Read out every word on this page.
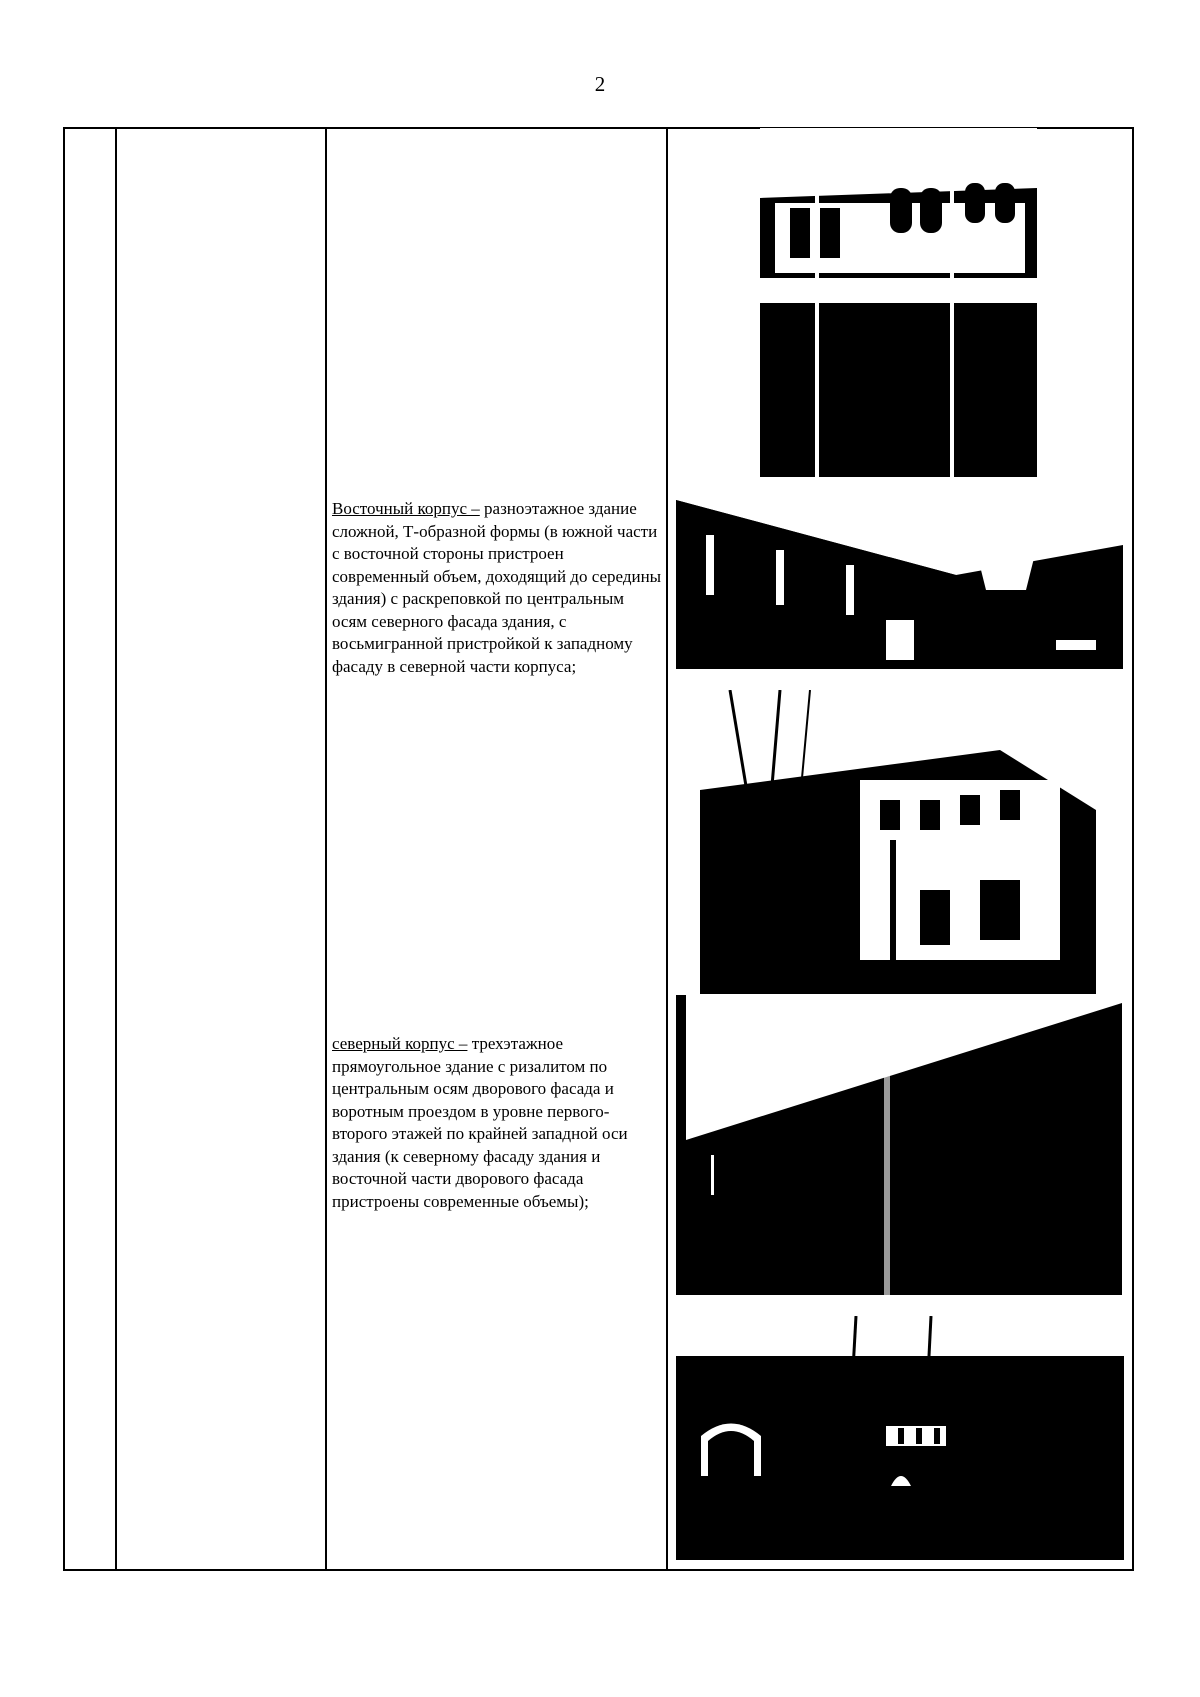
2
Восточный корпус – разноэтажное здание сложной, Т-образной формы (в южной части с восточной стороны пристроен современный объем, доходящий до середины здания) с раскреповкой по центральным осям северного фасада здания, с восьмигранной пристройкой к западному фасаду в северной части корпуса;
северный корпус – трехэтажное прямоугольное здание с ризалитом по центральным осям дворового фасада и воротным проездом в уровне первого-второго этажей по крайней западной оси здания (к северному фасаду здания и восточной части дворового фасада пристроены современные объемы);
